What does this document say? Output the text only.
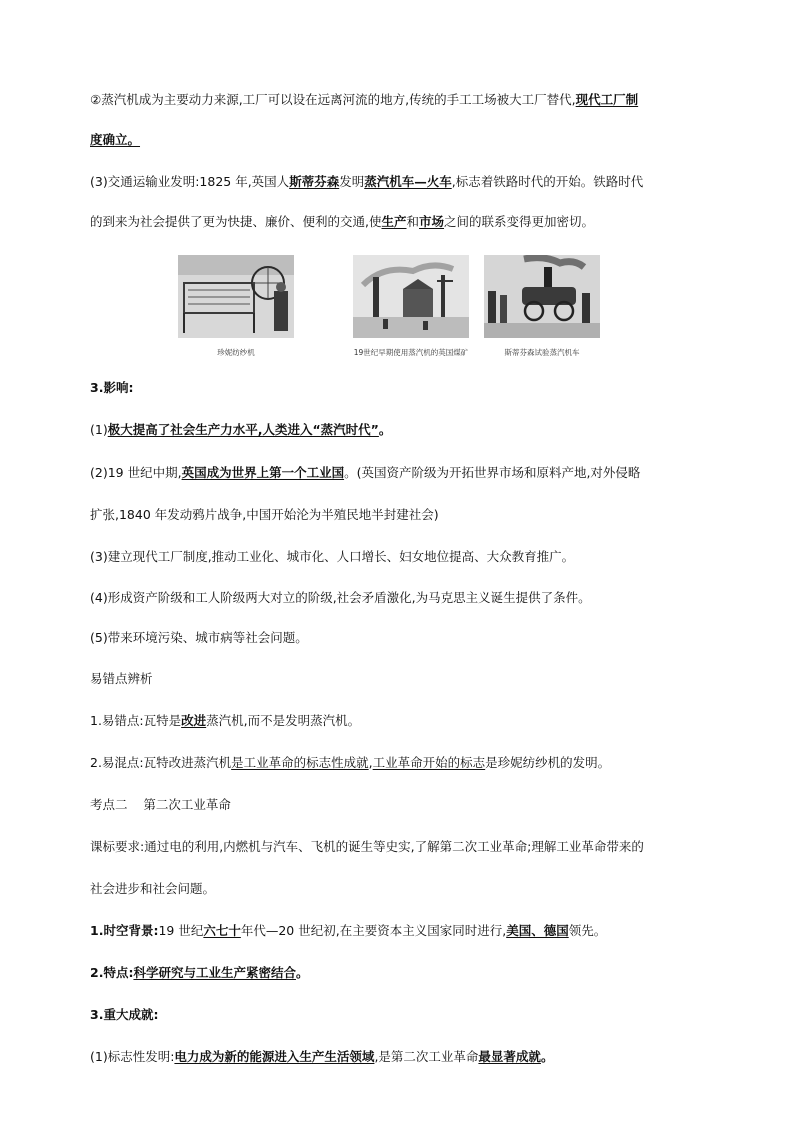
②蒸汽机成为主要动力来源,工厂可以设在远离河流的地方,传统的手工工场被大工厂替代,现代工厂制
度确立。
(3)交通运输业发明:1825 年,英国人斯蒂芬森发明蒸汽机车—火车,标志着铁路时代的开始。铁路时代
的到来为社会提供了更为快捷、廉价、便利的交通,使生产和市场之间的联系变得更加密切。
珍妮纺纱机	19世纪早期使用蒸汽机的英国煤矿	斯蒂芬森试验蒸汽机车
3.影响:
(1)极大提高了社会生产力水平,人类进入“蒸汽时代”。
(2)19 世纪中期,英国成为世界上第一个工业国。(英国资产阶级为开拓世界市场和原料产地,对外侵略
扩张,1840 年发动鸦片战争,中国开始沦为半殖民地半封建社会)
(3)建立现代工厂制度,推动工业化、城市化、人口增长、妇女地位提高、大众教育推广。
(4)形成资产阶级和工人阶级两大对立的阶级,社会矛盾激化,为马克思主义诞生提供了条件。
(5)带来环境污染、城市病等社会问题。
易错点辨析
1.易错点:瓦特是改进蒸汽机,而不是发明蒸汽机。
2.易混点:瓦特改进蒸汽机是工业革命的标志性成就,工业革命开始的标志是珍妮纺纱机的发明。
考点二    第二次工业革命
课标要求:通过电的利用,内燃机与汽车、飞机的诞生等史实,了解第二次工业革命;理解工业革命带来的
社会进步和社会问题。
1.时空背景:19 世纪六七十年代—20 世纪初,在主要资本主义国家同时进行,美国、德国领先。
2.特点:科学研究与工业生产紧密结合。
3.重大成就:
(1)标志性发明:电力成为新的能源进入生产生活领域,是第二次工业革命最显著成就。
